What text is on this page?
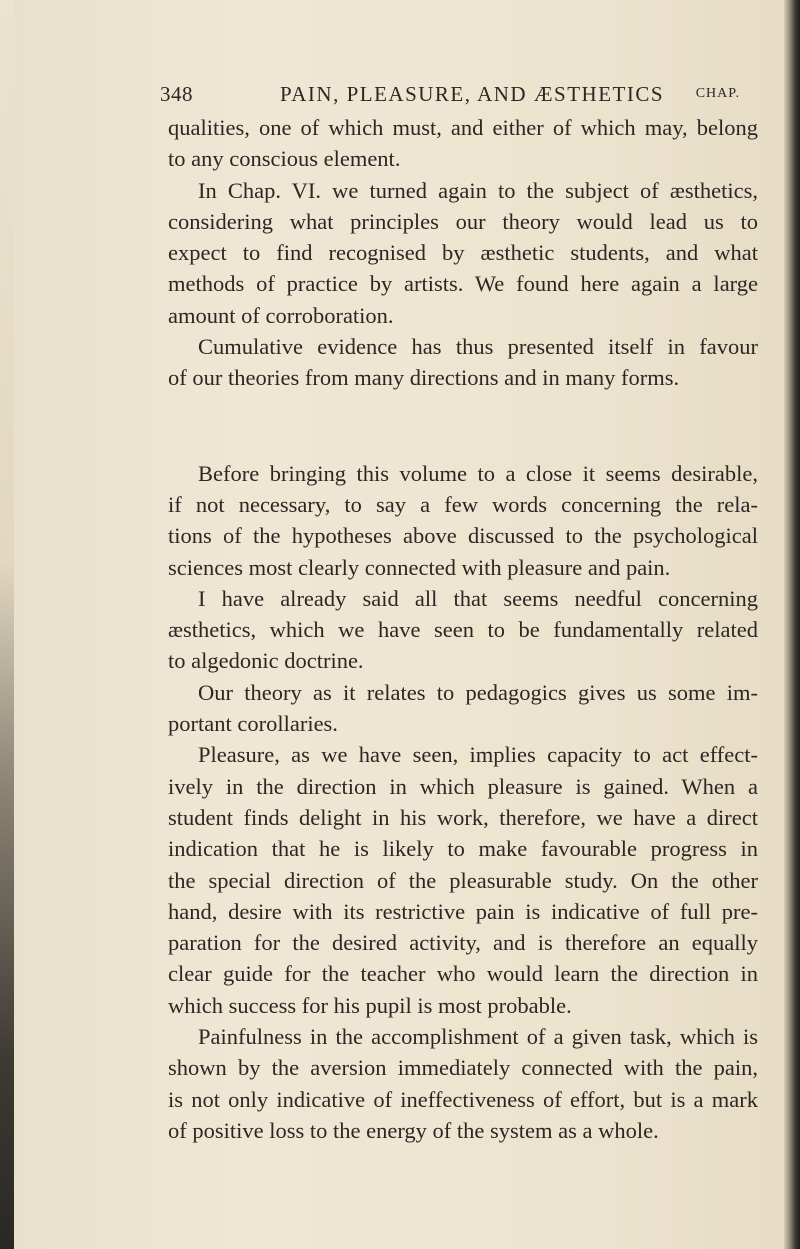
348	PAIN, PLEASURE, AND ÆSTHETICS CHAP.
qualities, one of which must, and either of which may, belong
to any conscious element.
In Chap. VI. we turned again to the subject of æsthetics,
considering what principles our theory would lead us to
expect to find recognised by æsthetic students, and what
methods of practice by artists. We found here again a large
amount of corroboration.
Cumulative evidence has thus presented itself in favour
of our theories from many directions and in many forms.
Before bringing this volume to a close it seems desirable,
if not necessary, to say a few words concerning the rela-
tions of the hypotheses above discussed to the psychological
sciences most clearly connected with pleasure and pain.
I have already said all that seems needful concerning
æsthetics, which we have seen to be fundamentally related
to algedonic doctrine.
Our theory as it relates to pedagogics gives us some im-
portant corollaries.
Pleasure, as we have seen, implies capacity to act effect-
ively in the direction in which pleasure is gained. When a
student finds delight in his work, therefore, we have a direct
indication that he is likely to make favourable progress in
the special direction of the pleasurable study. On the other
hand, desire with its restrictive pain is indicative of full pre-
paration for the desired activity, and is therefore an equally
clear guide for the teacher who would learn the direction in
which success for his pupil is most probable.
Painfulness in the accomplishment of a given task, which is
shown by the aversion immediately connected with the pain,
is not only indicative of ineffectiveness of effort, but is a mark
of positive loss to the energy of the system as a whole.
